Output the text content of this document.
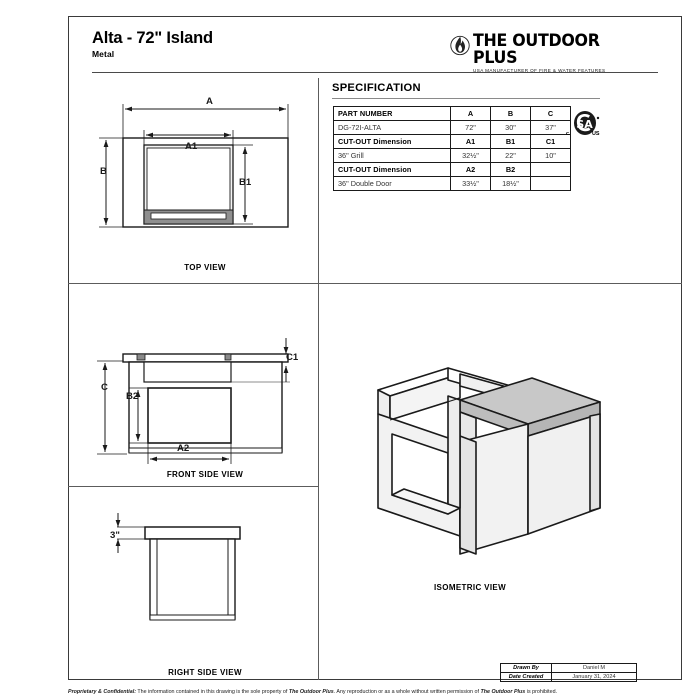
Alta - 72" Island
Metal
THE OUTDOOR PLUS
USA MANUFACTURER OF FIRE & WATER FEATURES
SPECIFICATION
PART NUMBER	A	B	C
DG-72I-ALTA	72"	30"	37"
CUT-OUT Dimension	A1	B1	C1
36" Grill	32½"	22"	10"
CUT-OUT Dimension	A2	B2	
36" Double Door	33½"	18½"	
SA
c	US
A
B
A1
B1
TOP VIEW
C
C1
B2
A2
FRONT SIDE VIEW
3"
RIGHT SIDE VIEW
ISOMETRIC VIEW
Drawn By	Daniel M
Date Created	January 31, 2024
Proprietary & Confidential: The information contained in this drawing is the sole property of The Outdoor Plus. Any reproduction or as a whole without written permission of The Outdoor Plus is prohibited.
